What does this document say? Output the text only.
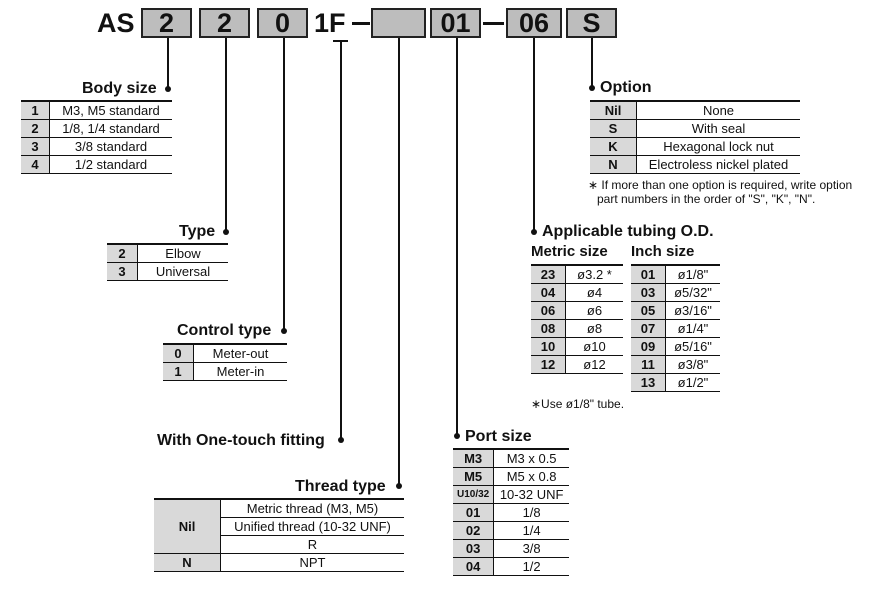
AS 2	2	0 1F	01	06	S
Body size
1	M3, M5 standard
2	1/8, 1/4 standard
3	3/8 standard
4	1/2 standard
Type
2	Elbow
3	Universal
Control type
0	Meter-out
1	Meter-in
With One-touch fitting
Thread type
Nil	Metric thread (M3, M5)
	Unified thread (10-32 UNF)
	R
N	NPT
Port size
M3	M3 x 0.5
M5	M5 x 0.8
U10/32	10-32 UNF
01	1/8
02	1/4
03	3/8
04	1/2
Applicable tubing O.D.
Metric size Inch size
23	ø3.2 *
04	ø4
06	ø6
08	ø8
10	ø10
12	ø12
01	ø1/8"
03	ø5/32"
05	ø3/16"
07	ø1/4"
09	ø5/16"
11	ø3/8"
13	ø1/2"
∗Use ø1/8" tube.
Option
Nil	None
S	With seal
K	Hexagonal lock nut
N	Electroless nickel plated
∗ If more than one option is required, write option
part numbers in the order of "S", "K", "N".
